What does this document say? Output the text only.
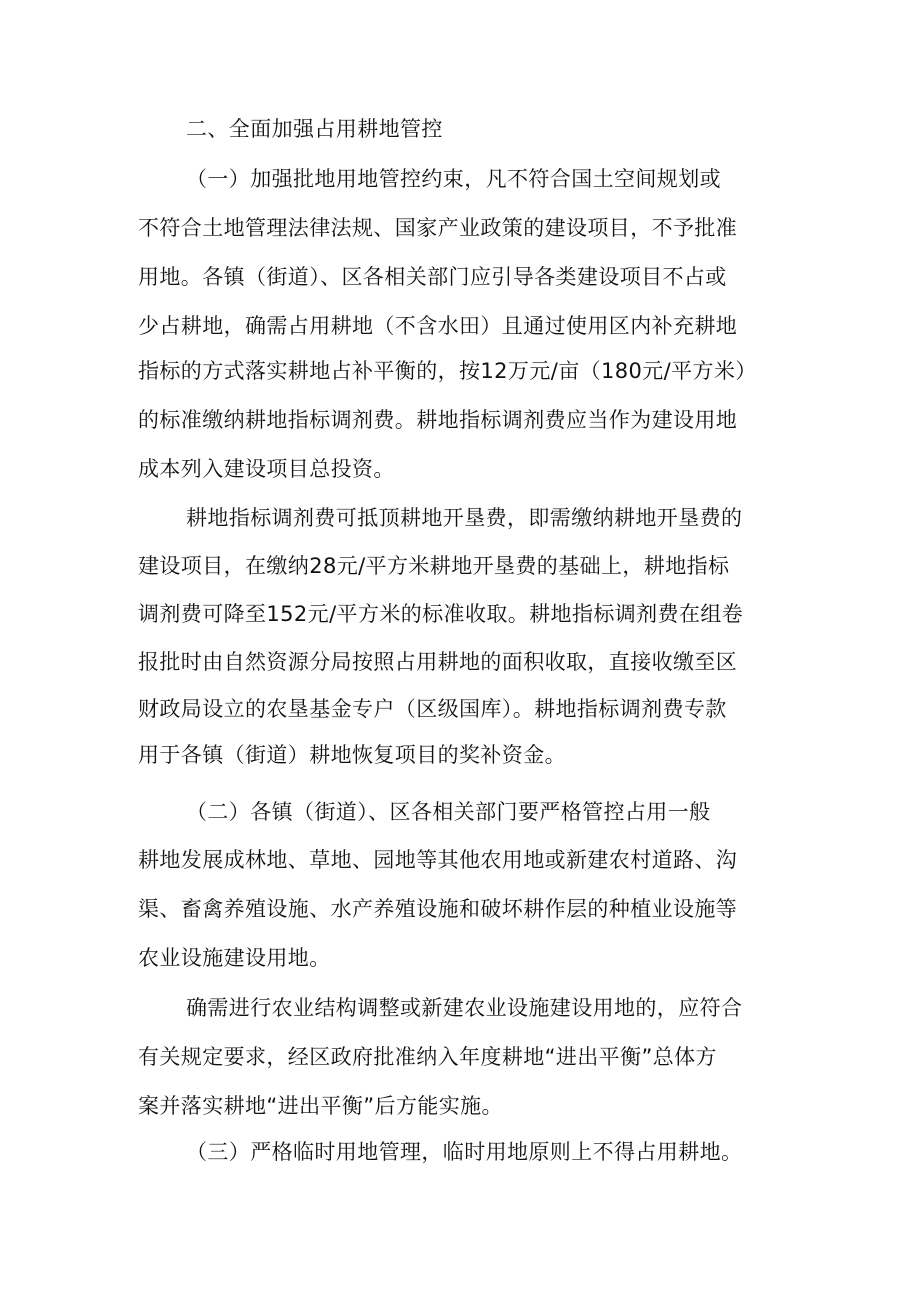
二、全面加强占用耕地管控
（一）加强批地用地管控约束，凡不符合国土空间规划或
不符合土地管理法律法规、国家产业政策的建设项目，不予批准
用地。各镇（街道）、区各相关部门应引导各类建设项目不占或
少占耕地，确需占用耕地（不含水田）且通过使用区内补充耕地
指标的方式落实耕地占补平衡的，按12万元/亩（180元/平方米）
的标准缴纳耕地指标调剂费。耕地指标调剂费应当作为建设用地
成本列入建设项目总投资。
耕地指标调剂费可抵顶耕地开垦费，即需缴纳耕地开垦费的
建设项目，在缴纳28元/平方米耕地开垦费的基础上，耕地指标
调剂费可降至152元/平方米的标准收取。耕地指标调剂费在组卷
报批时由自然资源分局按照占用耕地的面积收取，直接收缴至区
财政局设立的农垦基金专户（区级国库）。耕地指标调剂费专款
用于各镇（街道）耕地恢复项目的奖补资金。
（二）各镇（街道）、区各相关部门要严格管控占用一般
耕地发展成林地、草地、园地等其他农用地或新建农村道路、沟
渠、畜禽养殖设施、水产养殖设施和破坏耕作层的种植业设施等
农业设施建设用地。
确需进行农业结构调整或新建农业设施建设用地的，应符合
有关规定要求，经区政府批准纳入年度耕地“进出平衡”总体方
案并落实耕地“进出平衡”后方能实施。
（三）严格临时用地管理，临时用地原则上不得占用耕地。
